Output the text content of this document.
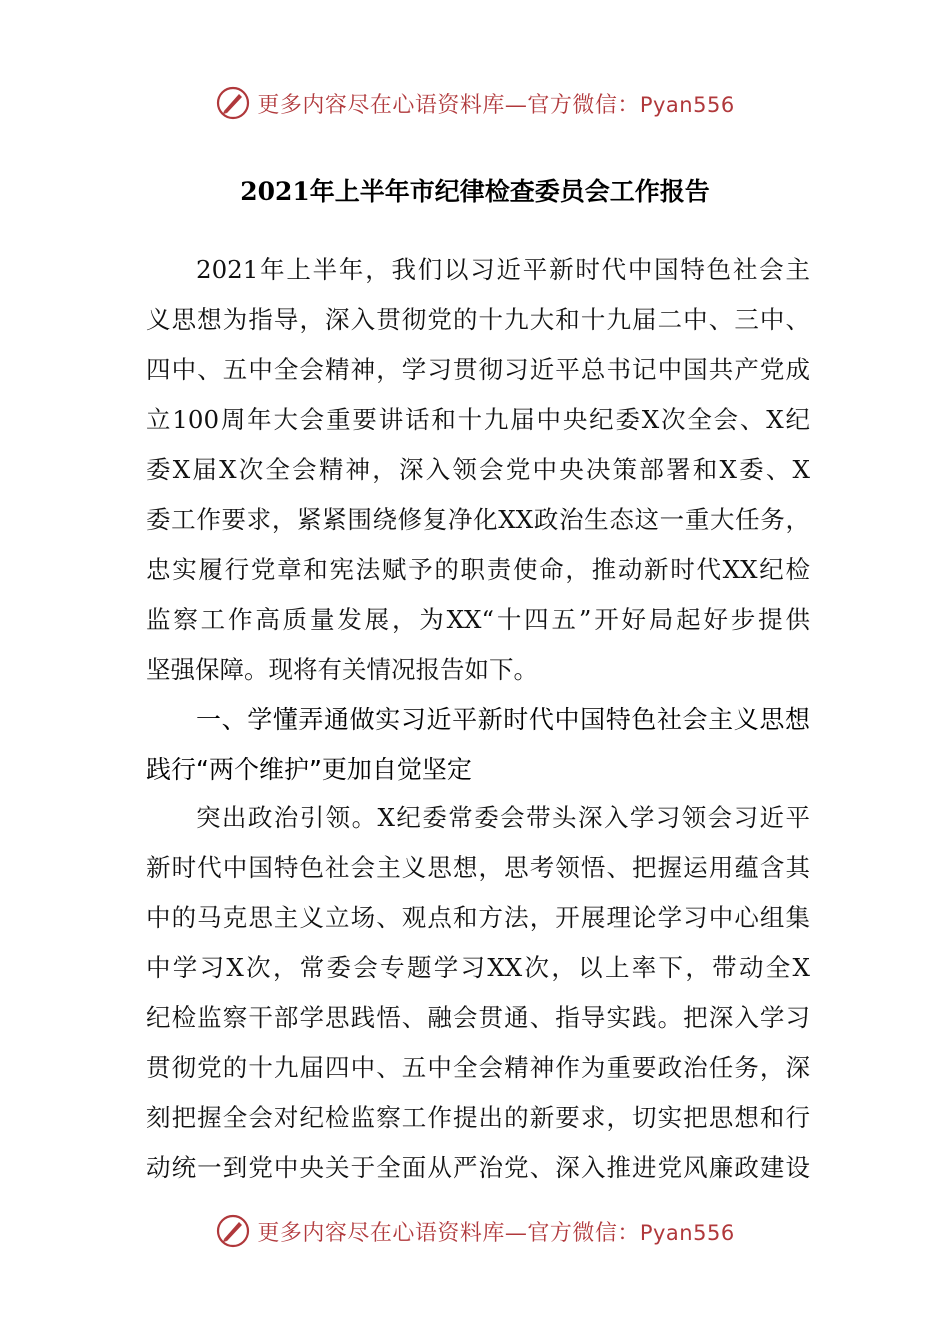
更多内容尽在心语资料库—官方微信：Pyan556
2021年上半年市纪律检查委员会工作报告
2021年上半年，我们以习近平新时代中国特色社会主
义思想为指导，深入贯彻党的十九大和十九届二中、三中、
四中、五中全会精神，学习贯彻习近平总书记中国共产党成
立100周年大会重要讲话和十九届中央纪委X次全会、X纪
委X届X次全会精神，深入领会党中央决策部署和X委、X
委工作要求，紧紧围绕修复净化XX政治生态这一重大任务，
忠实履行党章和宪法赋予的职责使命，推动新时代XX纪检
监察工作高质量发展，为XX“十四五”开好局起好步提供
坚强保障。现将有关情况报告如下。
一、学懂弄通做实习近平新时代中国特色社会主义思想
践行“两个维护”更加自觉坚定
突出政治引领。X纪委常委会带头深入学习领会习近平
新时代中国特色社会主义思想，思考领悟、把握运用蕴含其
中的马克思主义立场、观点和方法，开展理论学习中心组集
中学习X次，常委会专题学习XX次，以上率下，带动全X
纪检监察干部学思践悟、融会贯通、指导实践。把深入学习
贯彻党的十九届四中、五中全会精神作为重要政治任务，深
刻把握全会对纪检监察工作提出的新要求，切实把思想和行
动统一到党中央关于全面从严治党、深入推进党风廉政建设
更多内容尽在心语资料库—官方微信：Pyan556
